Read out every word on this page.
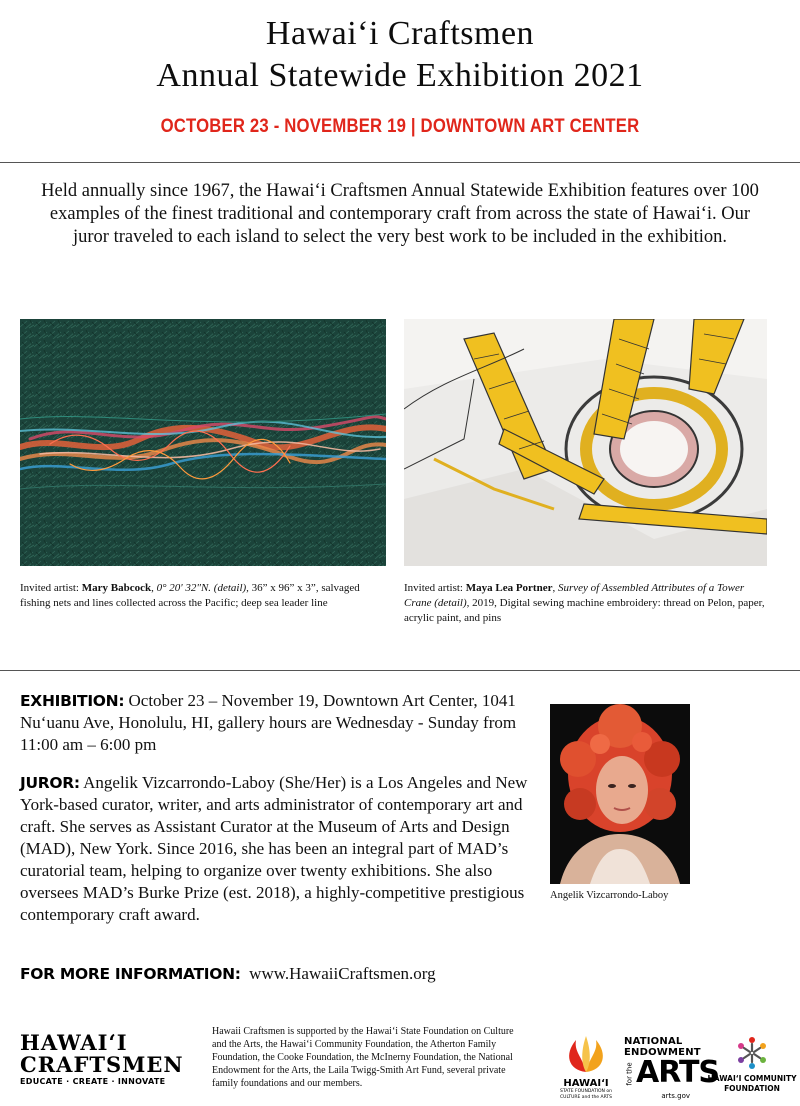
Hawaiʻi Craftsmen
Annual Statewide Exhibition 2021
OCTOBER 23 - NOVEMBER 19 | DOWNTOWN ART CENTER
Held annually since 1967, the Hawaiʻi Craftsmen Annual Statewide Exhibition features over 100 examples of the finest traditional and contemporary craft from across the state of Hawaiʻi. Our juror traveled to each island to select the very best work to be included in the exhibition.
Invited artist: Mary Babcock, 0° 20' 32"N. (detail), 36” x 96” x 3”, salvaged fishing nets and lines collected across the Pacific; deep sea leader line
Invited artist: Maya Lea Portner, Survey of Assembled Attributes of a Tower Crane (detail), 2019, Digital sewing machine embroidery: thread on Pelon, paper, acrylic paint, and pins
EXHIBITION: October 23 – November 19, Downtown Art Center, 1041 Nuʻuanu Ave, Honolulu, HI, gallery hours are Wednesday - Sunday from 11:00 am – 6:00 pm
JUROR: Angelik Vizcarrondo-Laboy (She/Her) is a Los Angeles and New York-based curator, writer, and arts administrator of contemporary art and craft. She serves as Assistant Curator at the Museum of Arts and Design (MAD), New York. Since 2016, she has been an integral part of MAD’s curatorial team, helping to organize over twenty exhibitions. She also oversees MAD’s Burke Prize (est. 2018), a highly-competitive prestigious contemporary craft award.
Angelik Vizcarrondo-Laboy
FOR MORE INFORMATION: www.HawaiiCraftsmen.org
HAWAIʻI
CRAFTSMEN
EDUCATE · CREATE · INNOVATE
Hawaii Craftsmen is supported by the Hawaiʻi State Foundation on Culture and the Arts, the Hawaiʻi Community Foundation, the Atherton Family Foundation, the Cooke Foundation, the McInerny Foundation, the National Endowment for the Arts, the Laila Twigg-Smith Art Fund, several private family foundations and our members.	HAWAIʻI
STATE FOUNDATION on
CULTURE and the ARTS
NATIONAL
ENDOWMENT
for the ARTS
arts.gov
HAWAIʻI COMMUNITY
FOUNDATION
